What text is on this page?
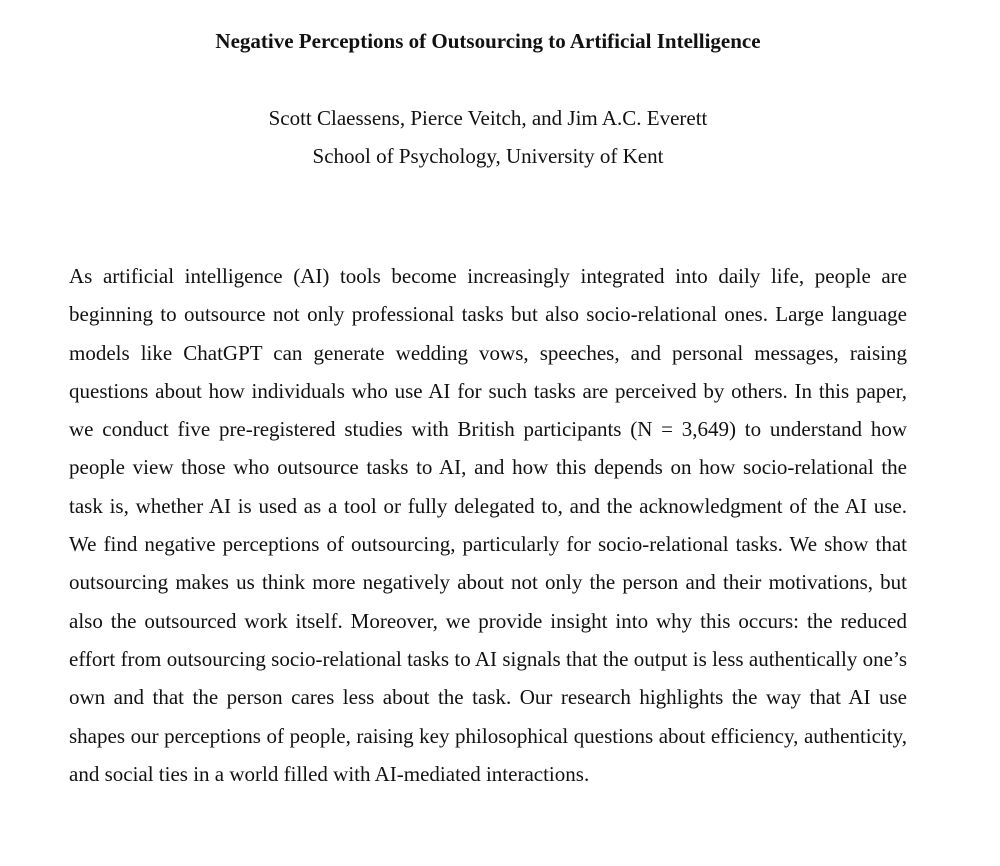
Negative Perceptions of Outsourcing to Artificial Intelligence

Scott Claessens, Pierce Veitch, and Jim A.C. Everett

School of Psychology, University of Kent

As artificial intelligence (AI) tools become increasingly integrated into daily life, people are beginning to outsource not only professional tasks but also socio-relational ones. Large language models like ChatGPT can generate wedding vows, speeches, and personal messages, raising questions about how individuals who use AI for such tasks are perceived by others. In this paper, we conduct five pre-registered studies with British participants (N = 3,649) to understand how people view those who outsource tasks to AI, and how this depends on how socio-relational the task is, whether AI is used as a tool or fully delegated to, and the acknowledgment of the AI use. We find negative perceptions of outsourcing, particularly for socio-relational tasks. We show that outsourcing makes us think more negatively about not only the person and their motivations, but also the outsourced work itself. Moreover, we provide insight into why this occurs: the reduced effort from outsourcing socio-relational tasks to AI signals that the output is less authentically one’s own and that the person cares less about the task. Our research highlights the way that AI use shapes our perceptions of people, raising key philosophical questions about efficiency, authenticity, and social ties in a world filled with AI-mediated interactions.
